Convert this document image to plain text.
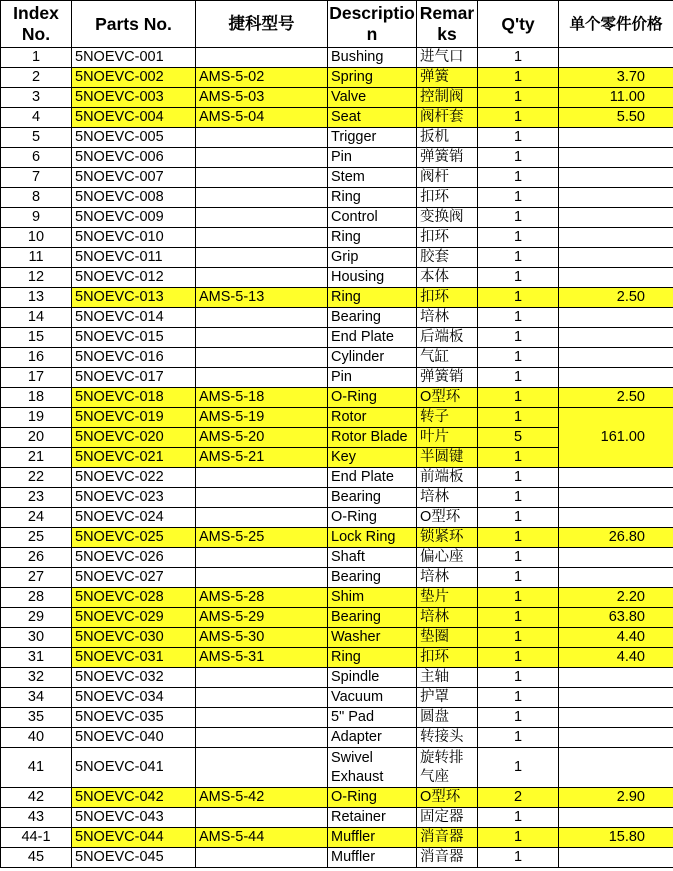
Index No.	Parts No.	捷科型号	Description	Remarks	Q'ty	单个零件价格
1	5NOEVC-001		Bushing	进气口	1	
2	5NOEVC-002	AMS-5-02	Spring	弹簧	1	3.70
3	5NOEVC-003	AMS-5-03	Valve	控制阀	1	11.00
4	5NOEVC-004	AMS-5-04	Seat	阀杆套	1	5.50
5	5NOEVC-005		Trigger	扳机	1	
6	5NOEVC-006		Pin	弹簧销	1	
7	5NOEVC-007		Stem	阀杆	1	
8	5NOEVC-008		Ring	扣环	1	
9	5NOEVC-009		Control	变换阀	1	
10	5NOEVC-010		Ring	扣环	1	
11	5NOEVC-011		Grip	胶套	1	
12	5NOEVC-012		Housing	本体	1	
13	5NOEVC-013	AMS-5-13	Ring	扣环	1	2.50
14	5NOEVC-014		Bearing	培林	1	
15	5NOEVC-015		End Plate	后端板	1	
16	5NOEVC-016		Cylinder	气缸	1	
17	5NOEVC-017		Pin	弹簧销	1	
18	5NOEVC-018	AMS-5-18	O-Ring	O型环	1	2.50
19	5NOEVC-019	AMS-5-19	Rotor	转子	1	161.00
20	5NOEVC-020	AMS-5-20	Rotor Blade	叶片	5	
21	5NOEVC-021	AMS-5-21	Key	半圆键	1	
22	5NOEVC-022		End Plate	前端板	1	
23	5NOEVC-023		Bearing	培林	1	
24	5NOEVC-024		O-Ring	O型环	1	
25	5NOEVC-025	AMS-5-25	Lock Ring	锁紧环	1	26.80
26	5NOEVC-026		Shaft	偏心座	1	
27	5NOEVC-027		Bearing	培林	1	
28	5NOEVC-028	AMS-5-28	Shim	垫片	1	2.20
29	5NOEVC-029	AMS-5-29	Bearing	培林	1	63.80
30	5NOEVC-030	AMS-5-30	Washer	垫圈	1	4.40
31	5NOEVC-031	AMS-5-31	Ring	扣环	1	4.40
32	5NOEVC-032		Spindle	主轴	1	
34	5NOEVC-034		Vacuum	护罩	1	
35	5NOEVC-035		5" Pad	圆盘	1	
40	5NOEVC-040		Adapter	转接头	1	
41	5NOEVC-041		Swivel Exhaust	旋转排气座	1	
42	5NOEVC-042	AMS-5-42	O-Ring	O型环	2	2.90
43	5NOEVC-043		Retainer	固定器	1	
44-1	5NOEVC-044	AMS-5-44	Muffler	消音器	1	15.80
45	5NOEVC-045		Muffler	消音器	1	
